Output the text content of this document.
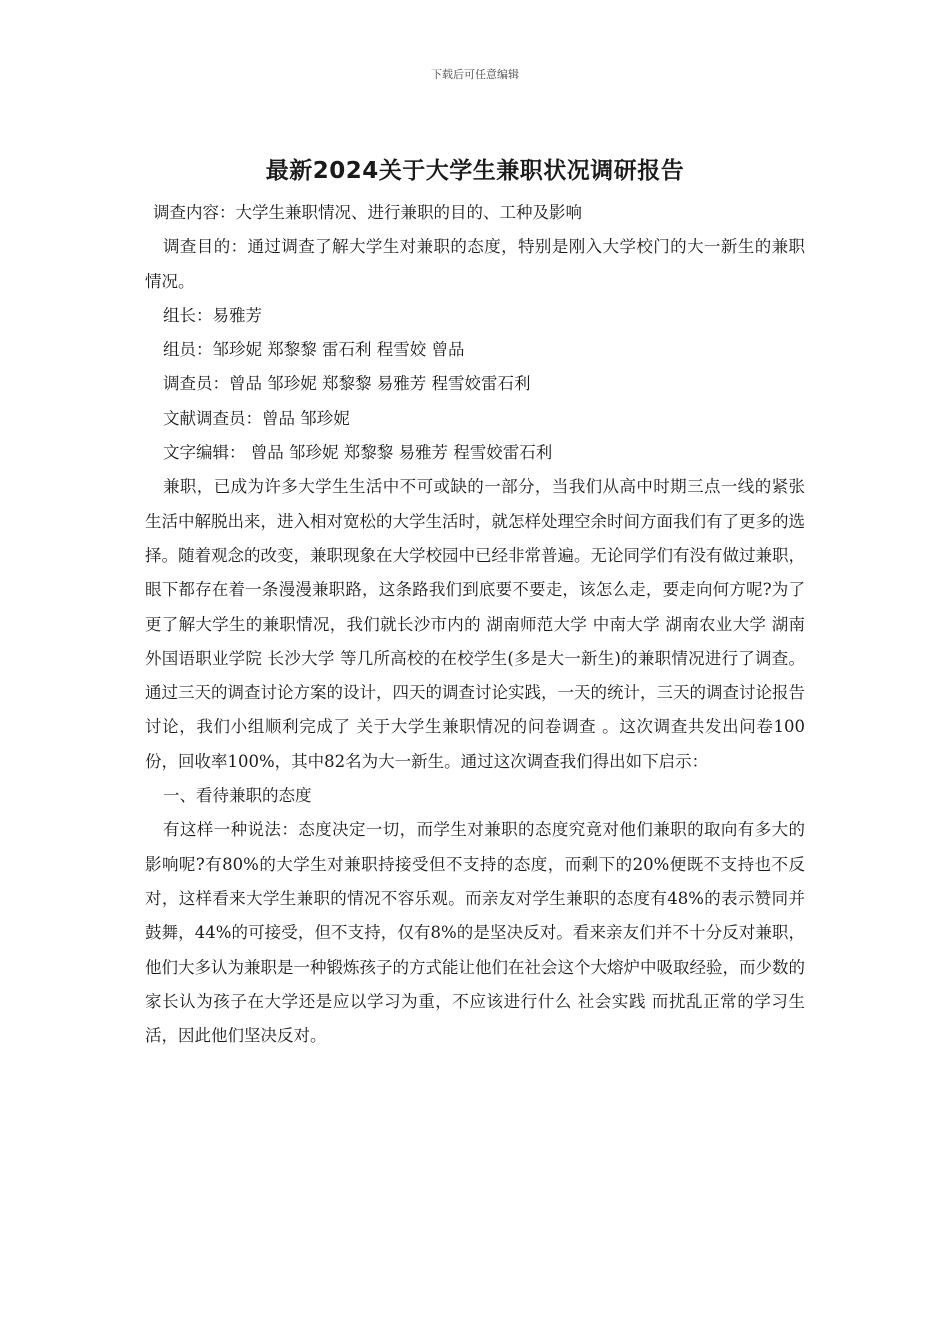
下载后可任意编辑
最新2024关于大学生兼职状况调研报告

调查内容：大学生兼职情况、进行兼职的目的、工种及影响

调查目的：通过调查了解大学生对兼职的态度，特别是刚入大学校门的大一新生的兼职情况。

组长：易雅芳

组员：邹珍妮 郑黎黎 雷石利 程雪姣 曾品

调查员：曾品 邹珍妮 郑黎黎 易雅芳 程雪姣雷石利

文献调查员：曾品 邹珍妮

文字编辑： 曾品 邹珍妮 郑黎黎 易雅芳 程雪姣雷石利

兼职，已成为许多大学生生活中不可或缺的一部分，当我们从高中时期三点一线的紧张生活中解脱出来，进入相对宽松的大学生活时，就怎样处理空余时间方面我们有了更多的选择。随着观念的改变，兼职现象在大学校园中已经非常普遍。无论同学们有没有做过兼职，眼下都存在着一条漫漫兼职路，这条路我们到底要不要走，该怎么走，要走向何方呢?为了更了解大学生的兼职情况，我们就长沙市内的 湖南师范大学 中南大学 湖南农业大学 湖南外国语职业学院 长沙大学 等几所高校的在校学生(多是大一新生)的兼职情况进行了调查。通过三天的调查讨论方案的设计，四天的调查讨论实践，一天的统计，三天的调查讨论报告讨论，我们小组顺利完成了 关于大学生兼职情况的问卷调查 。这次调查共发出问卷100份，回收率100%，其中82名为大一新生。通过这次调查我们得出如下启示：

一、看待兼职的态度

有这样一种说法：态度决定一切，而学生对兼职的态度究竟对他们兼职的取向有多大的影响呢?有80%的大学生对兼职持接受但不支持的态度，而剩下的20%便既不支持也不反对，这样看来大学生兼职的情况不容乐观。而亲友对学生兼职的态度有48%的表示赞同并鼓舞，44%的可接受，但不支持，仅有8%的是坚决反对。看来亲友们并不十分反对兼职，他们大多认为兼职是一种锻炼孩子的方式能让他们在社会这个大熔炉中吸取经验，而少数的家长认为孩子在大学还是应以学习为重，不应该进行什么 社会实践 而扰乱正常的学习生活，因此他们坚决反对。
